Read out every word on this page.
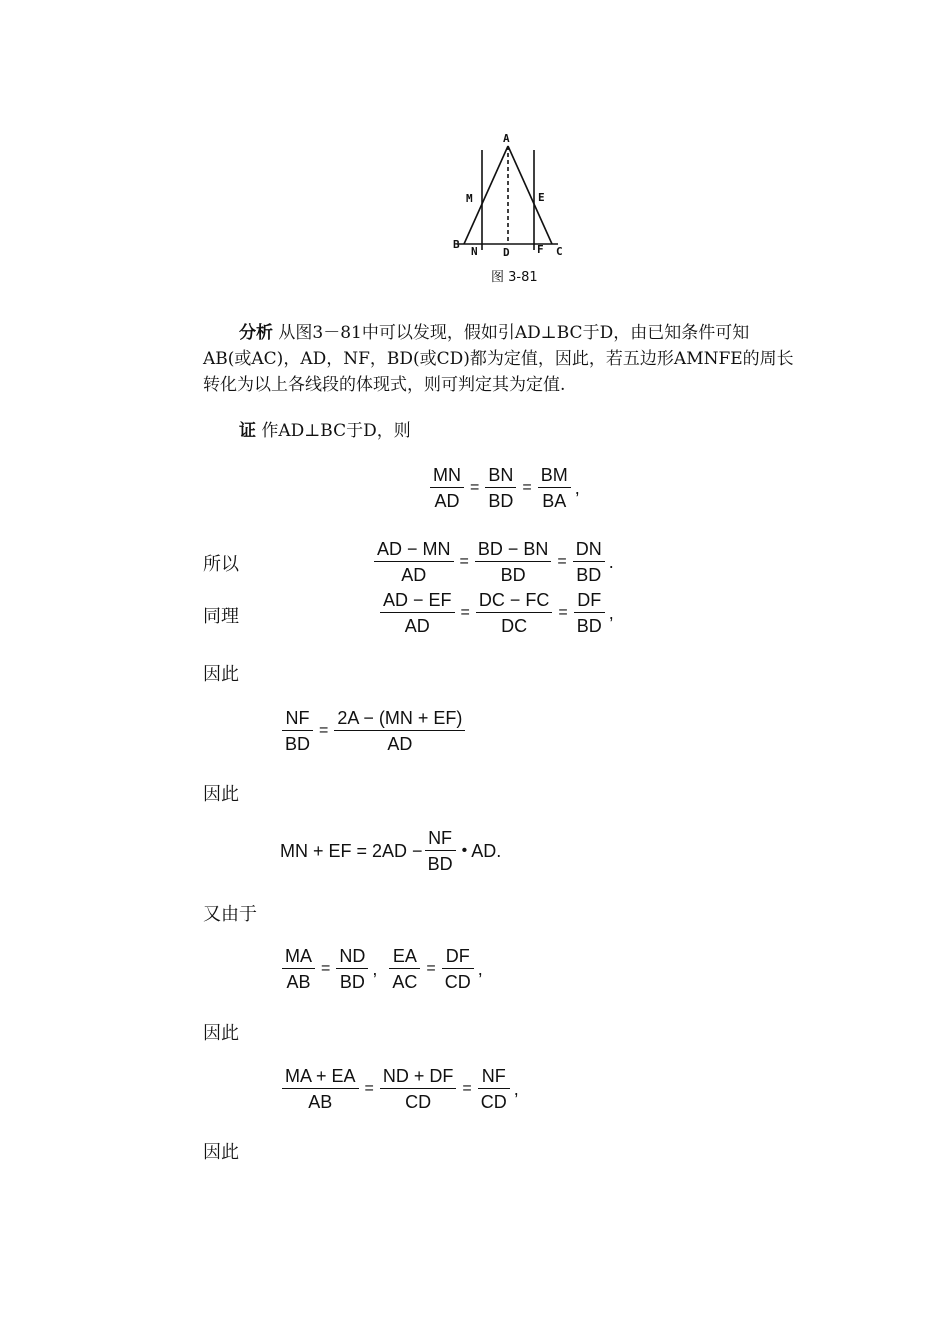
A
M	E
B
N D F C
图 3-81
分析 从图3－81中可以发现，假如引AD⊥BC于D，由已知条件可知
AB(或AC)，AD，NF，BD(或CD)都为定值，因此，若五边形AMNFE的周长
转化为以上各线段的体现式，则可判定其为定值.
证 作AD⊥BC于D，则
$\frac{MN}{AD} = \frac{BN}{BD} = \frac{BM}{BA}$ ,
所以	$\frac{AD - MN}{AD} = \frac{BD - BN}{BD} = \frac{DN}{BD}$ .
同理	$\frac{AD - EF}{AD} = \frac{DC - FC}{DC} = \frac{DF}{BD}$ ,
因此
$\frac{NF}{BD} = \frac{2A - (MN + EF)}{AD}$
因此
MN + EF = $2AD - \frac{NF}{BD}$ • AD.
又由于
$\frac{MA}{AB} = \frac{ND}{BD}$ , $\frac{EA}{AC} = \frac{DF}{CD}$ ,
因此
$\frac{MA + EA}{AB} = \frac{ND + DF}{CD} = \frac{NF}{CD}$ ,
因此
